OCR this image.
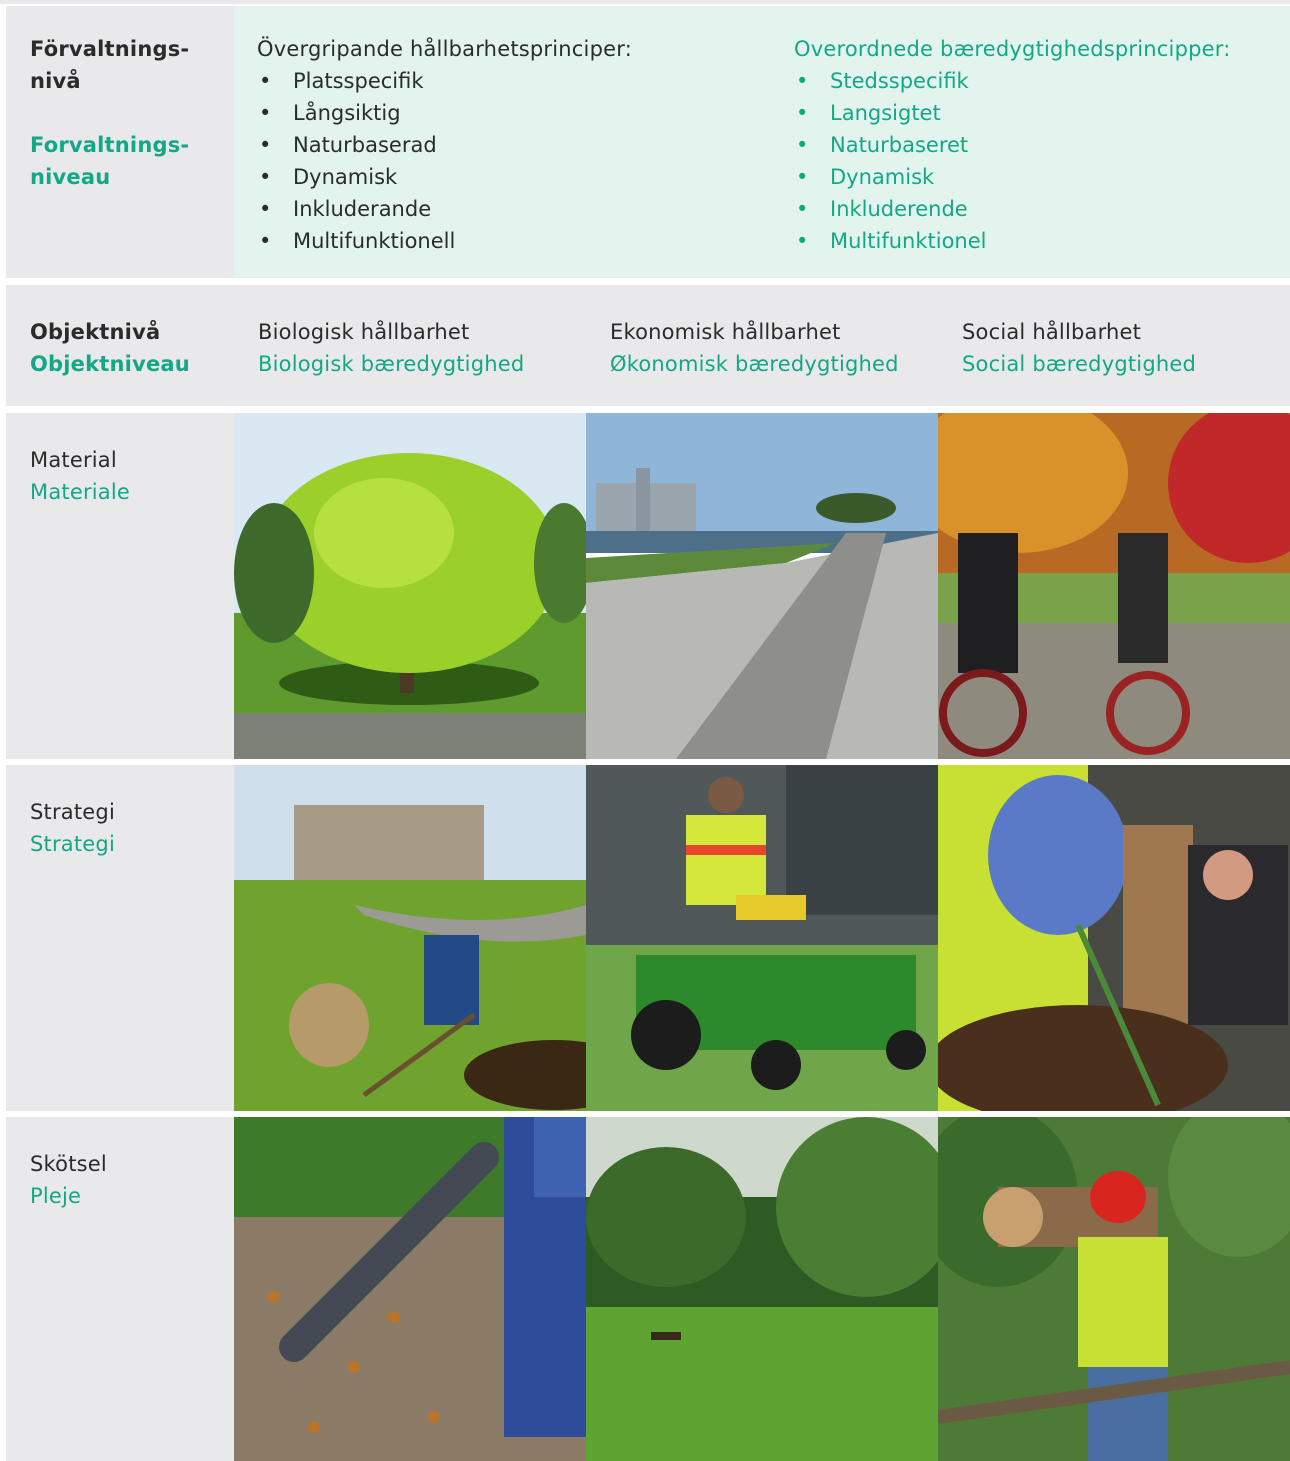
Förvaltnings-
nivå
Forvaltnings-
niveau
Övergripande hållbarhetsprinciper:
• Platsspecifik
• Långsiktig
• Naturbaserad
• Dynamisk
• Inkluderande
• Multifunktionell
Overordnede bæredygtighedsprincipper:
• Stedsspecifik
• Langsigtet
• Naturbaseret
• Dynamisk
• Inkluderende
• Multifunktionel
Objektnivå
Objektniveau
Biologisk hållbarhet
Biologisk bæredygtighed
Ekonomisk hållbarhet
Økonomisk bæredygtighed
Social hållbarhet
Social bæredygtighed
Material
Materiale
Strategi
Strategi
Skötsel
Pleje
